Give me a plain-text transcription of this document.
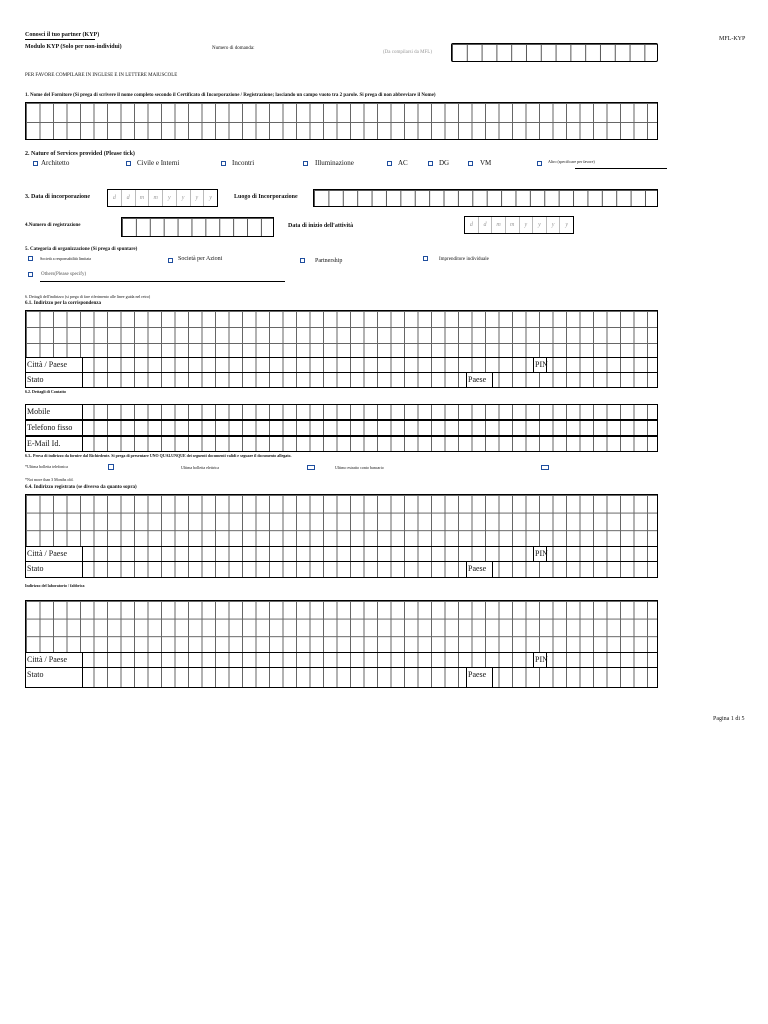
Conosci il tuo partner (KYP)
Modulo KYP (Solo per non-individui)	Numero di domanda:
(Da compilarsi da MFL)
MFL-KYP
PER FAVORE COMPILARE IN INGLESE E IN LETTERE MAIUSCOLE
1. Nome del Fornitore (Si prega di scrivere il nome completo secondo il Certificato di Incorporazione / Registrazione; lasciando un campo vuoto tra 2 parole. Si prega di non abbreviare il Nome)
2. Nature of Services provided (Please tick)
Architetto	Civile e Interni	Incontri	Illuminazione	AC	DG	VM	Altro (specificare per favore)
3. Data di incorporazione	d	d	m	m	y	y	y	y	Luogo di Incorporazione
4.Numero di registrazione	Data di inizio dell'attività	d	d	m	m	y	y	y	y
5. Categoria di organizzazione (Si prega di spuntare)
Società a responsabilità limitata	Società per Azioni	Partnership	Imprenditore individuale
Others(Please specify)
6. Dettagli dell'indirizzo (si prega di fare riferimento alle linee guida nel retro)
6.1. Indirizzo per la corrispondenza
Città / Paese	PIN
Stato	Paese
6.2. Dettagli di Contatto
Mobile
Telefono fisso
E-Mail Id.
6.3.. Prova di indirizzo da fornire dal Richiedente. Si prega di presentare UNO QUALUNQUE dei seguenti documenti validi e seguare il documento allegato.
*Ultima bolletta telefonica	Ultima bolletta elettrica	Ultimo estratto conto bancario
*Not more than 3 Months old.
6.4. Indirizzo registrato (se diverso da quanto sopra)
Città / Paese	PIN
Stato	Paese
Indirizzo del laboratorio / fabbrica
Città / Paese	PIN
Stato	Paese
Pagina 1 di 5
